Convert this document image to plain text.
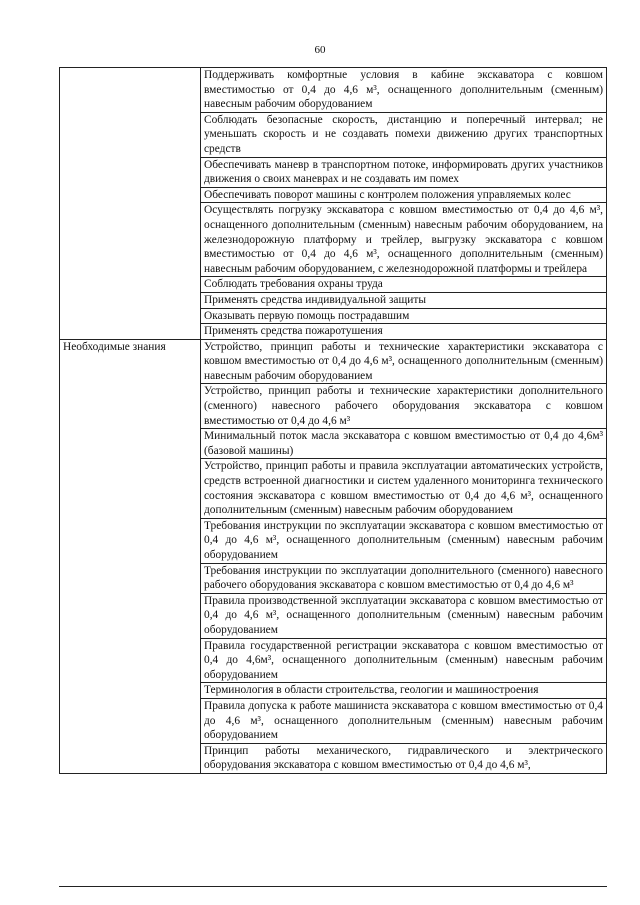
60
	Поддерживать комфортные условия в кабине экскаватора с ковшом вместимостью от 0,4 до 4,6 м³, оснащенного дополнительным (сменным) навесным рабочим оборудованием
	Соблюдать безопасные скорость, дистанцию и поперечный интервал; не уменьшать скорость и не создавать помехи движению других транспортных средств
	Обеспечивать маневр в транспортном потоке, информировать других участников движения о своих маневрах и не создавать им помех
	Обеспечивать поворот машины с контролем положения управляемых колес
	Осуществлять погрузку экскаватора с ковшом вместимостью от 0,4 до 4,6 м³, оснащенного дополнительным (сменным) навесным рабочим оборудованием, на железнодорожную платформу и трейлер, выгрузку экскаватора с ковшом вместимостью от 0,4 до 4,6 м³, оснащенного дополнительным (сменным) навесным рабочим оборудованием, с железнодорожной платформы и трейлера
	Соблюдать требования охраны труда
	Применять средства индивидуальной защиты
	Оказывать первую помощь пострадавшим
	Применять средства пожаротушения
Необходимые знания	Устройство, принцип работы и технические характеристики экскаватора с ковшом вместимостью от 0,4 до 4,6 м³, оснащенного дополнительным (сменным) навесным рабочим оборудованием
	Устройство, принцип работы и технические характеристики дополнительного (сменного) навесного рабочего оборудования экскаватора с ковшом вместимостью от 0,4 до 4,6 м³
	Минимальный поток масла экскаватора с ковшом вместимостью от 0,4 до 4,6м³ (базовой машины)
	Устройство, принцип работы и правила эксплуатации автоматических устройств, средств встроенной диагностики и систем удаленного мониторинга технического состояния экскаватора с ковшом вместимостью от 0,4 до 4,6 м³, оснащенного дополнительным (сменным) навесным рабочим оборудованием
	Требования инструкции по эксплуатации экскаватора с ковшом вместимостью от 0,4 до 4,6 м³, оснащенного дополнительным (сменным) навесным рабочим оборудованием
	Требования инструкции по эксплуатации дополнительного (сменного) навесного рабочего оборудования экскаватора с ковшом вместимостью от 0,4 до 4,6 м³
	Правила производственной эксплуатации экскаватора с ковшом вместимостью от 0,4 до 4,6 м³, оснащенного дополнительным (сменным) навесным рабочим оборудованием
	Правила государственной регистрации экскаватора с ковшом вместимостью от 0,4 до 4,6м³, оснащенного дополнительным (сменным) навесным рабочим оборудованием
	Терминология в области строительства, геологии и машиностроения
	Правила допуска к работе машиниста экскаватора с ковшом вместимостью от 0,4 до 4,6 м³, оснащенного дополнительным (сменным) навесным рабочим оборудованием
	Принцип работы механического, гидравлического и электрического оборудования экскаватора с ковшом вместимостью от 0,4 до 4,6 м³,
